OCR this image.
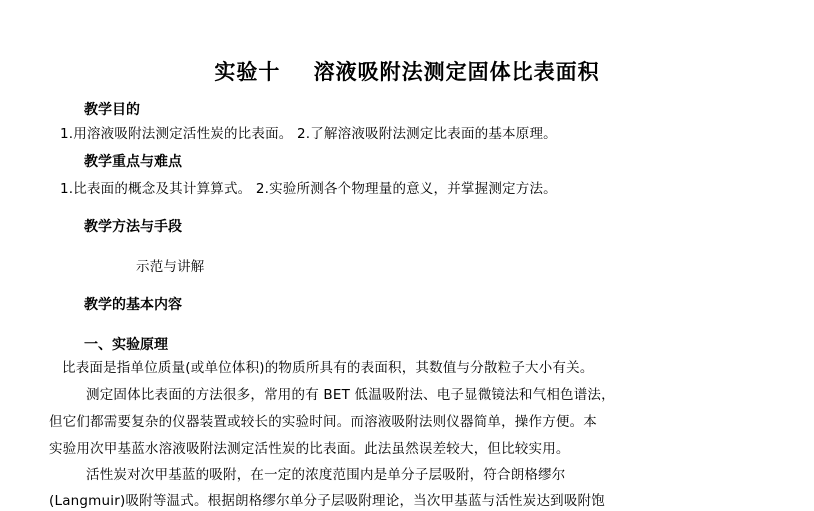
实验十    溶液吸附法测定固体比表面积
教学目的
1.用溶液吸附法测定活性炭的比表面。 2.了解溶液吸附法测定比表面的基本原理。
教学重点与难点
1.比表面的概念及其计算算式。 2.实验所测各个物理量的意义，并掌握测定方法。
教学方法与手段
示范与讲解
教学的基本内容
一、实验原理
比表面是指单位质量(或单位体积)的物质所具有的表面积，其数值与分散粒子大小有关。
测定固体比表面的方法很多，常用的有 BET 低温吸附法、电子显微镜法和气相色谱法，
但它们都需要复杂的仪器装置或较长的实验时间。而溶液吸附法则仪器简单，操作方便。本
实验用次甲基蓝水溶液吸附法测定活性炭的比表面。此法虽然误差较大，但比较实用。
活性炭对次甲基蓝的吸附，在一定的浓度范围内是单分子层吸附，符合朗格缪尔
(Langmuir)吸附等温式。根据朗格缪尔单分子层吸附理论，当次甲基蓝与活性炭达到吸附饱
